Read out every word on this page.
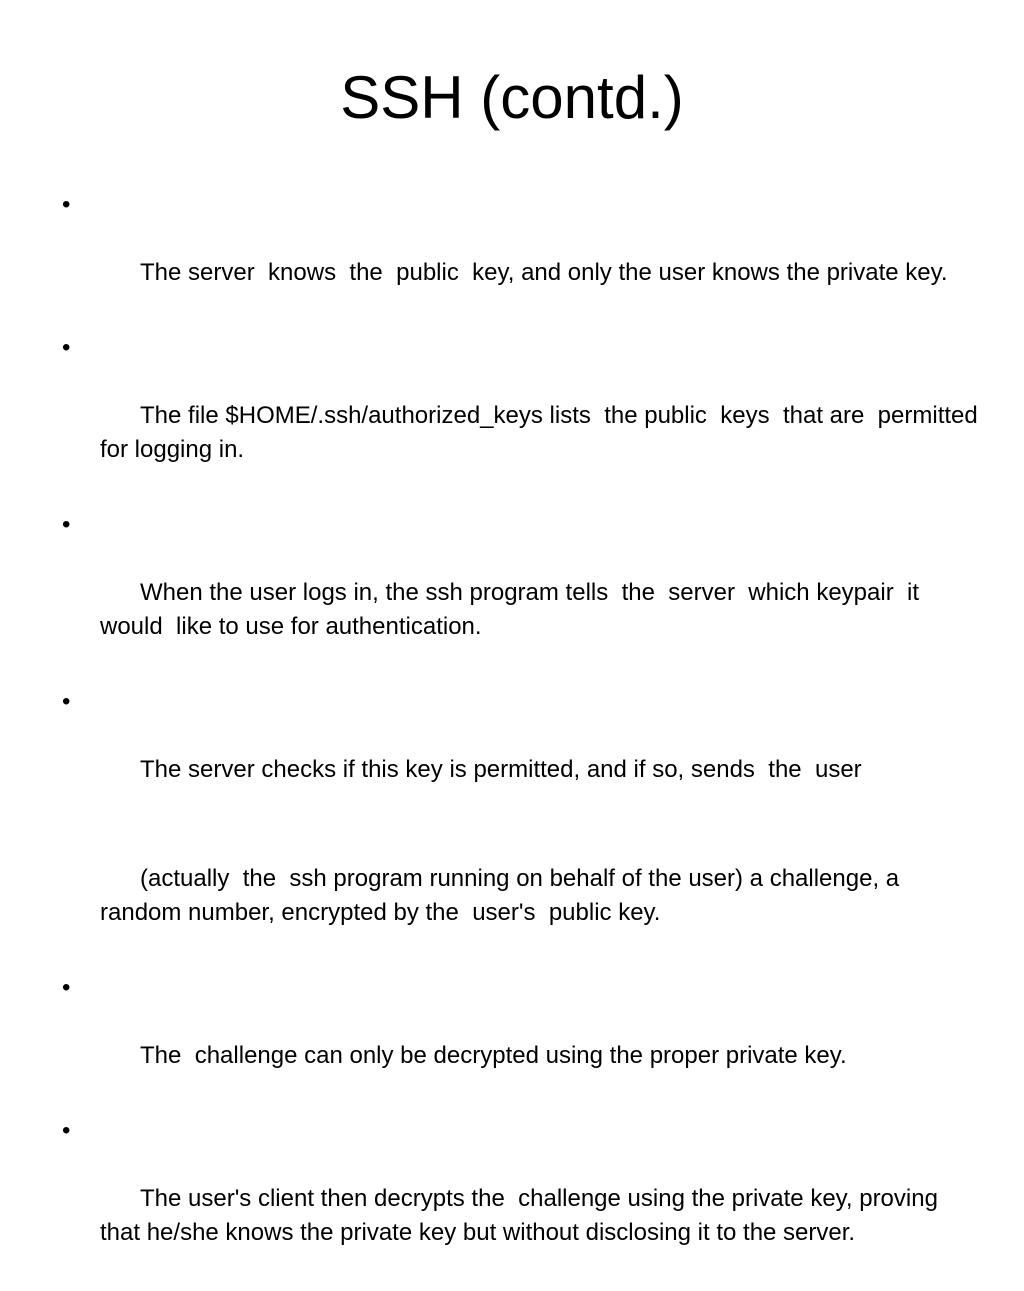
SSH (contd.)

•

The server  knows  the  public  key, and only the user knows the private key.

•

The file $HOME/.ssh/authorized_keys lists  the public  keys  that are  permitted for logging in.

•

When the user logs in, the ssh program tells  the  server  which keypair  it  would  like to use for authentication.

•

The server checks if this key is permitted, and if so, sends  the  user

(actually  the  ssh program running on behalf of the user) a challenge, a random number, encrypted by the  user's  public key.

•

The  challenge can only be decrypted using the proper private key.

•

The user's client then decrypts the  challenge using the private key, proving that he/she knows the private key but without disclosing it to the server.
